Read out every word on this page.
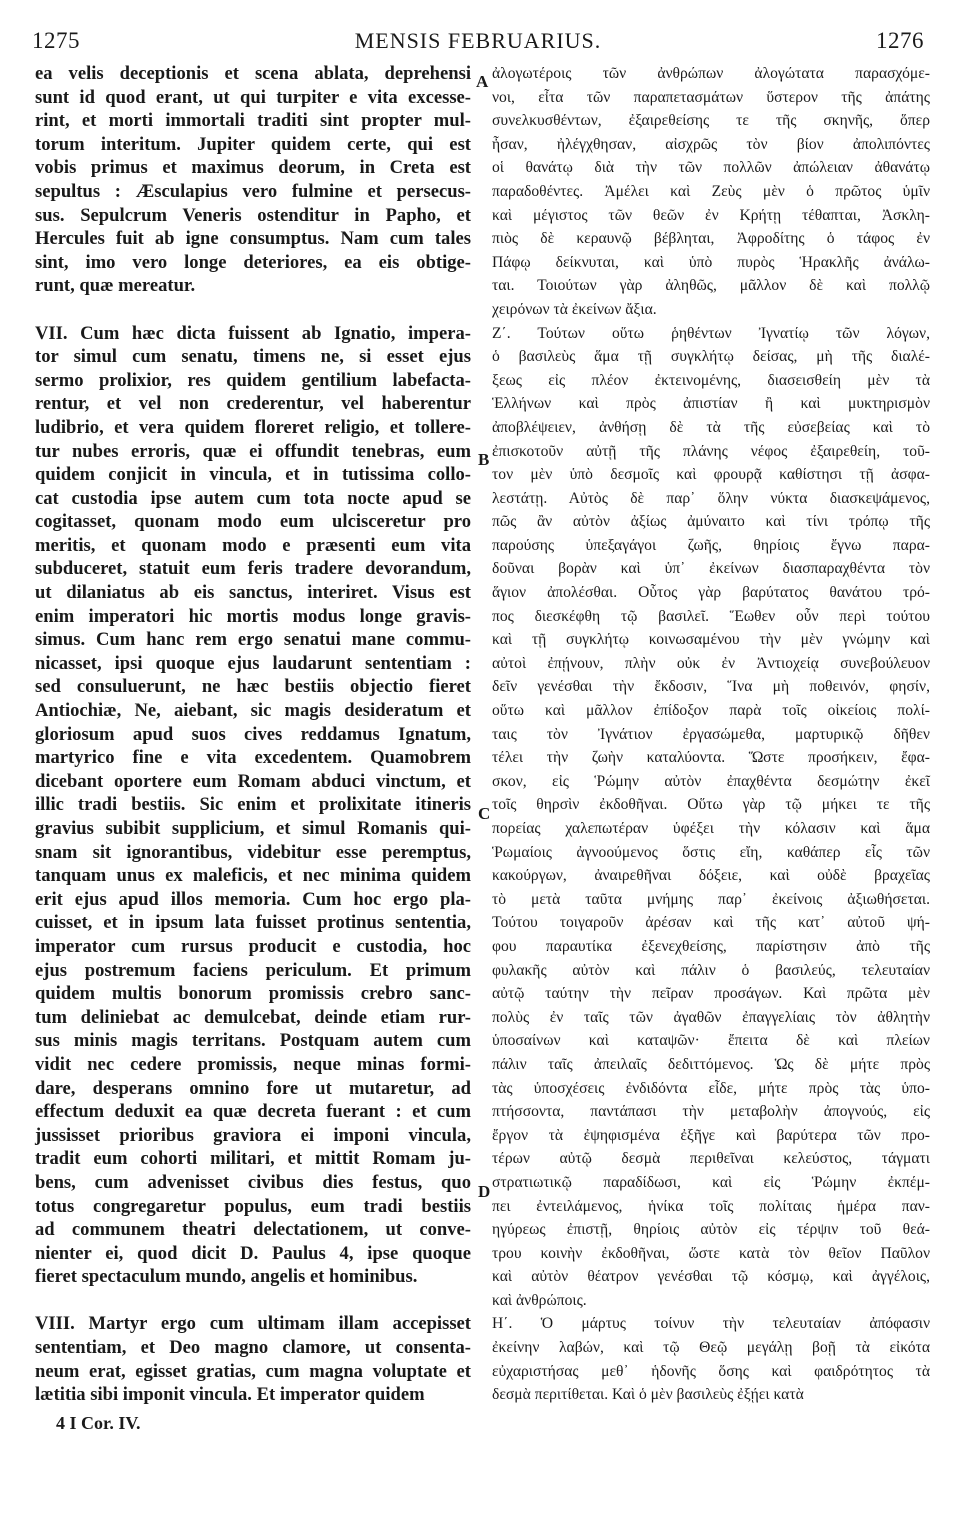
1275	MENSIS FEBRUARIUS.	1276
ea velis deceptionis et scena ablata, deprehensi
sunt id quod erant, ut qui turpiter e vita excesse-
rint, et morti immortali traditi sint propter mul-
torum interitum. Jupiter quidem certe, qui est
vobis primus et maximus deorum, in Creta est
sepultus : Æsculapius vero fulmine et persecus-
sus. Sepulcrum Veneris ostenditur in Papho, et
Hercules fuit ab igne consumptus. Nam cum tales
sint, imo vero longe deteriores, ea eis obtige-
runt, quæ mereatur.
VII. Cum hæc dicta fuissent ab Ignatio, impera-
tor simul cum senatu, timens ne, si esset ejus
sermo prolixior, res quidem gentilium labefacta-
rentur, et vel non crederentur, vel haberentur
ludibrio, et vera quidem floreret religio, et tollere-
tur nubes erroris, quæ ei offundit tenebras, eum
quidem conjicit in vincula, et in tutissima collo-
cat custodia ipse autem cum tota nocte apud se
cogitasset, quonam modo eum ulcisceretur pro
meritis, et quonam modo e præsenti eum vita
subduceret, statuit eum feris tradere devorandum,
ut dilaniatus ab eis sanctus, interiret. Visus est
enim imperatori hic mortis modus longe gravis-
simus. Cum hanc rem ergo senatui mane commu-
nicasset, ipsi quoque ejus laudarunt sententiam :
sed consuluerunt, ne hæc bestiis objectio fieret
Antiochiæ, Ne, aiebant, sic magis desideratum et
gloriosum apud suos cives reddamus Ignatum,
martyrico fine e vita excedentem. Quamobrem
dicebant oportere eum Romam abduci vinctum, et
illic tradi bestiis. Sic enim et prolixitate itineris
gravius subibit supplicium, et simul Romanis qui-
snam sit ignorantibus, videbitur esse peremptus,
tanquam unus ex maleficis, et nec minima quidem
erit ejus apud illos memoria. Cum hoc ergo pla-
cuisset, et in ipsum lata fuisset protinus sententia,
imperator cum rursus producit e custodia, hoc
ejus postremum faciens periculum. Et primum
quidem multis bonorum promissis crebro sanc-
tum deliniebat ac demulcebat, deinde etiam rur-
sus minis magis territans. Postquam autem cum
vidit nec cedere promissis, neque minas formi-
dare, desperans omnino fore ut mutaretur, ad
effectum deduxit ea quæ decreta fuerant : et cum
jussisset prioribus graviora ei imponi vincula,
tradit eum cohorti militari, et mittit Romam ju-
bens, cum advenisset civibus dies festus, quo
totus congregaretur populus, eum tradi bestiis
ad communem theatri delectationem, ut conve-
nienter ei, quod dicit D. Paulus 4, ipse quoque
fieret spectaculum mundo, angelis et hominibus.
VIII. Martyr ergo cum ultimam illam accepisset
sententiam, et Deo magno clamore, ut consenta-
neum erat, egisset gratias, cum magna voluptate et
lætitia sibi imponit vincula. Et imperator quidem
ἀλογωτέροις τῶν ἀνθρώπων ἀλογώτατα παρασχόμε-
νοι, εἶτα τῶν παραπετασμάτων ὕστερον τῆς ἀπάτης
συνελκυσθέντων, ἐξαιρεθείσης τε τῆς σκηνῆς, ὅπερ
ἦσαν, ἠλέγχθησαν, αἰσχρῶς τὸν βίον ἀπολιπόντες
οἱ θανάτῳ διὰ τὴν τῶν πολλῶν ἀπώλειαν ἀθανάτῳ
παραδοθέντες. Ἀμέλει καὶ Ζεὺς μὲν ὁ πρῶτος ὑμῖν
καὶ μέγιστος τῶν θεῶν ἐν Κρήτῃ τέθαπται, Ἀσκλη-
πιὸς δὲ κεραυνῷ βέβληται, Ἀφροδίτης ὁ τάφος ἐν
Πάφῳ δείκνυται, καὶ ὑπὸ πυρὸς Ἡρακλῆς ἀνάλω-
ται. Τοιούτων γὰρ ἀληθῶς, μᾶλλον δὲ καὶ πολλῷ
χειρόνων τὰ ἐκείνων ἄξια.
Ζ΄. Τούτων οὕτω ῥηθέντων Ἰγνατίῳ τῶν λόγων,
ὁ βασιλεὺς ἅμα τῇ συγκλήτῳ δείσας, μὴ τῆς διαλέ-
ξεως εἰς πλέον ἐκτεινομένης, διασεισθείη μὲν τὰ
Ἑλλήνων καὶ πρὸς ἀπιστίαν ἢ καὶ μυκτηρισμὸν
ἀποβλέψειεν, ἀνθήσῃ δὲ τὰ τῆς εὐσεβείας καὶ τὸ
ἐπισκοτοῦν αὐτῇ τῆς πλάνης νέφος ἐξαιρεθείη, τοῦ-
τον μὲν ὑπὸ δεσμοῖς καὶ φρουρᾷ καθίστησι τῇ ἀσφα-
λεστάτῃ. Αὐτὸς δὲ παρ᾽ ὅλην νύκτα διασκεψάμενος,
πῶς ἂν αὐτὸν ἀξίως ἀμύναιτο καὶ τίνι τρόπῳ τῆς
παρούσης ὑπεξαγάγοι ζωῆς, θηρίοις ἔγνω παρα-
δοῦναι βορὰν καὶ ὑπ᾽ ἐκείνων διασπαραχθέντα τὸν
ἅγιον ἀπολέσθαι. Οὗτος γὰρ βαρύτατος θανάτου τρό-
πος διεσκέφθη τῷ βασιλεῖ. Ἕωθεν οὖν περὶ τούτου
καὶ τῇ συγκλήτῳ κοινωσαμένου τὴν μὲν γνώμην καὶ
αὐτοὶ ἐπῄνουν, πλὴν οὐκ ἐν Ἀντιοχείᾳ συνεβούλευον
δεῖν γενέσθαι τὴν ἔκδοσιν, Ἵνα μὴ ποθεινόν, φησίν,
οὕτω καὶ μᾶλλον ἐπίδοξον παρὰ τοῖς οἰκείοις πολί-
ταις τὸν Ἰγνάτιον ἐργασώμεθα, μαρτυρικῷ δῆθεν
τέλει τὴν ζωὴν καταλύοντα. Ὥστε προσήκειν, ἔφα-
σκον, εἰς Ῥώμην αὐτὸν ἐπαχθέντα δεσμώτην ἐκεῖ
τοῖς θηρσὶν ἐκδοθῆναι. Οὕτω γὰρ τῷ μήκει τε τῆς
πορείας χαλεπωτέραν ὑφέξει τὴν κόλασιν καὶ ἅμα
Ῥωμαίοις ἀγνοούμενος ὅστις εἴη, καθάπερ εἷς τῶν
κακούργων, ἀναιρεθῆναι δόξειε, καὶ οὐδὲ βραχεῖας
τὸ μετὰ ταῦτα μνήμης παρ᾽ ἐκείνοις ἀξιωθήσεται.
Τούτου τοιγαροῦν ἀρέσαν καὶ τῆς κατ᾽ αὐτοῦ ψή-
φου παραυτίκα ἐξενεχθείσης, παρίστησιν ἀπὸ τῆς
φυλακῆς αὐτὸν καὶ πάλιν ὁ βασιλεύς, τελευταίαν
αὐτῷ ταύτην τὴν πεῖραν προσάγων. Καὶ πρῶτα μὲν
πολὺς ἐν ταῖς τῶν ἀγαθῶν ἐπαγγελίαις τὸν ἀθλητὴν
ὑποσαίνων καὶ καταψῶν· ἔπειτα δὲ καὶ πλείων
πάλιν ταῖς ἀπειλαῖς δεδιττόμενος. Ὡς δὲ μήτε πρὸς
τὰς ὑποσχέσεις ἐνδιδόντα εἶδε, μήτε πρὸς τὰς ὑπο-
πτήσσοντα, παντάπασι τὴν μεταβολὴν ἀπογνούς, εἰς
ἔργον τὰ ἐψηφισμένα ἐξῆγε καὶ βαρύτερα τῶν προ-
τέρων αὐτῷ δεσμὰ περιθεῖναι κελεύστος, τάγματι
στρατιωτικῷ παραδίδωσι, καὶ εἰς Ῥώμην ἐκπέμ-
πει ἐντειλάμενος, ἡνίκα τοῖς πολίταις ἡμέρα παν-
ηγύρεως ἐπιστῇ, θηρίοις αὐτὸν εἰς τέρψιν τοῦ θεά-
τρου κοινὴν ἐκδοθῆναι, ὥστε κατὰ τὸν θεῖον Παῦλον
καὶ αὐτὸν θέατρον γενέσθαι τῷ κόσμῳ, καὶ ἀγγέλοις,
καὶ ἀνθρώποις.
Η΄. Ὁ μάρτυς τοίνυν τὴν τελευταίαν ἀπόφασιν
ἐκείνην λαβών, καὶ τῷ Θεῷ μεγάλῃ βοῇ τὰ εἰκότα
εὐχαριστήσας μεθ᾽ ἡδονῆς ὅσης καὶ φαιδρότητος τὰ
δεσμὰ περιτίθεται. Καὶ ὁ μὲν βασιλεὺς ἐξῄει κατὰ
A
B
C
D
4 I Cor. IV.
